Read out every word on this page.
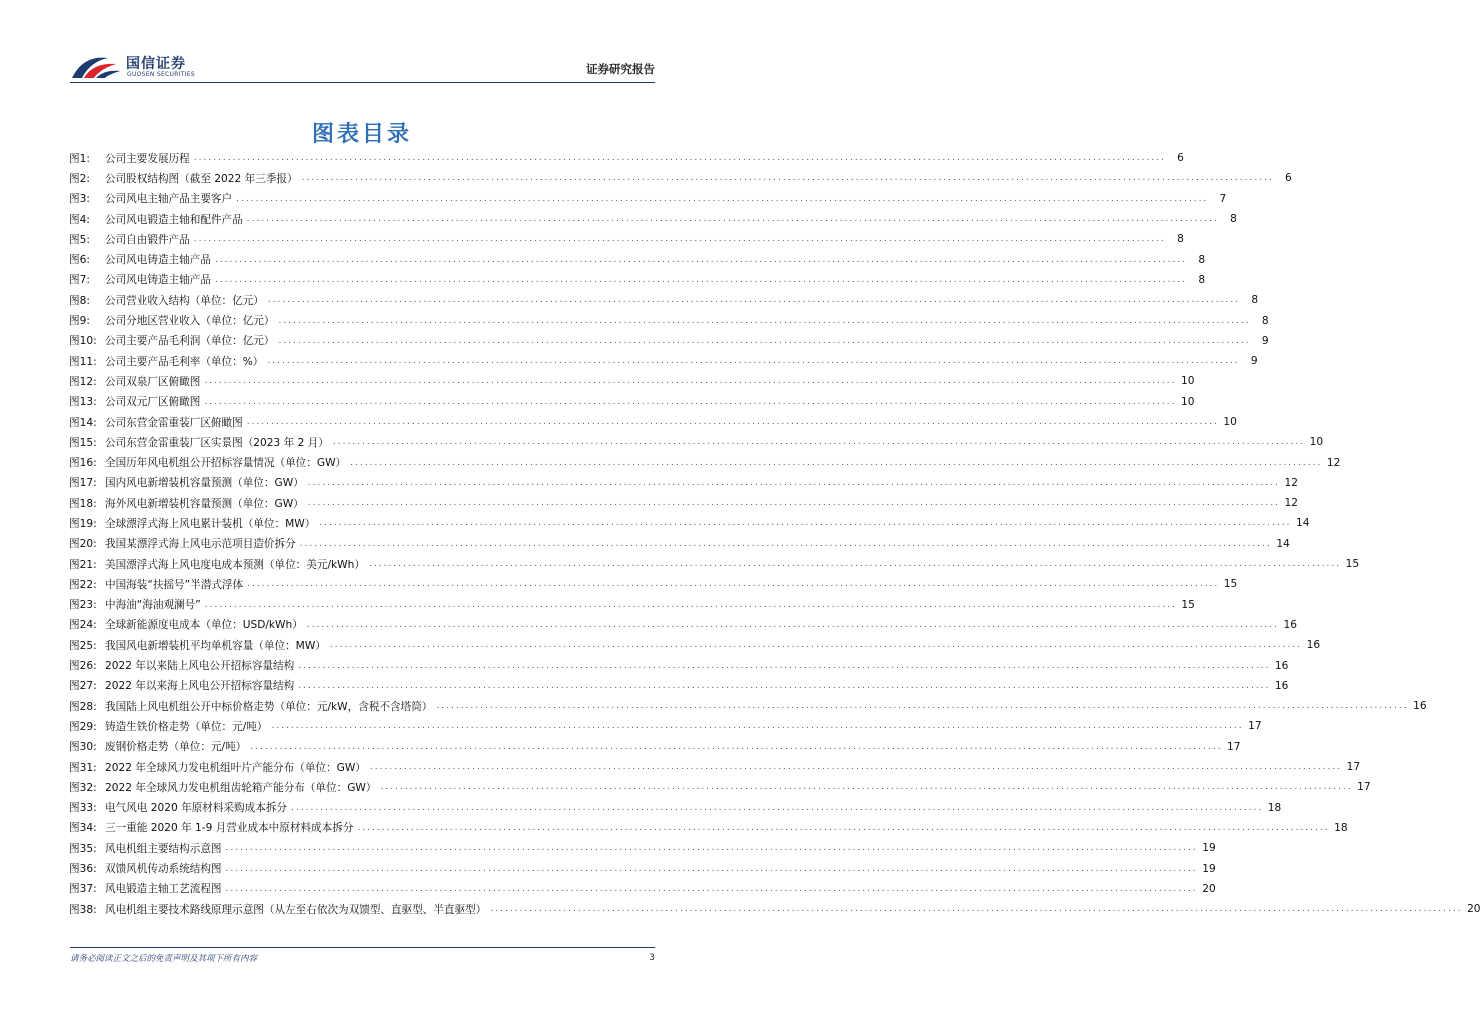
国信证券
GUOSEN SECURITIES	证券研究报告
图表目录
图1:	公司主要发展历程 ........................................................................................................................................................................................................	6
图2:	公司股权结构图（截至 2022 年三季报） ........................................................................................................................................................................................................	6
图3:	公司风电主轴产品主要客户 ........................................................................................................................................................................................................	7
图4:	公司风电锻造主轴和配件产品 ........................................................................................................................................................................................................	8
图5:	公司自由锻件产品 ........................................................................................................................................................................................................	8
图6:	公司风电铸造主轴产品 ........................................................................................................................................................................................................	8
图7:	公司风电铸造主轴产品 ........................................................................................................................................................................................................	8
图8:	公司营业收入结构（单位：亿元） ........................................................................................................................................................................................................	8
图9:	公司分地区营业收入（单位：亿元） ........................................................................................................................................................................................................	8
图10: 公司主要产品毛利润（单位：亿元） ........................................................................................................................................................................................................	9
图11: 公司主要产品毛利率（单位：%） ........................................................................................................................................................................................................	9
图12: 公司双泉厂区俯瞰图 ........................................................................................................................................................................................................ 10
图13: 公司双元厂区俯瞰图 ........................................................................................................................................................................................................ 10
图14: 公司东营金雷重装厂区俯瞰图 ........................................................................................................................................................................................................ 10
图15: 公司东营金雷重装厂区实景图（2023 年 2 月） ........................................................................................................................................................................................................ 10
图16: 全国历年风电机组公开招标容量情况（单位：GW） ........................................................................................................................................................................................................ 12
图17: 国内风电新增装机容量预测（单位：GW） ........................................................................................................................................................................................................ 12
图18: 海外风电新增装机容量预测（单位：GW） ........................................................................................................................................................................................................ 12
图19: 全球漂浮式海上风电累计装机（单位：MW） ........................................................................................................................................................................................................ 14
图20: 我国某漂浮式海上风电示范项目造价拆分 ........................................................................................................................................................................................................ 14
图21: 美国漂浮式海上风电度电成本预测（单位：美元/kWh） ........................................................................................................................................................................................................ 15
图22: 中国海装“扶摇号”半潜式浮体 ........................................................................................................................................................................................................ 15
图23: 中海油“海油观澜号” ........................................................................................................................................................................................................ 15
图24: 全球新能源度电成本（单位：USD/kWh） ........................................................................................................................................................................................................ 16
图25: 我国风电新增装机平均单机容量（单位：MW） ........................................................................................................................................................................................................ 16
图26: 2022 年以来陆上风电公开招标容量结构 ........................................................................................................................................................................................................ 16
图27: 2022 年以来海上风电公开招标容量结构 ........................................................................................................................................................................................................ 16
图28: 我国陆上风电机组公开中标价格走势（单位：元/kW，含税不含塔筒） ........................................................................................................................................................................................................ 16
图29: 铸造生铁价格走势（单位：元/吨） ........................................................................................................................................................................................................ 17
图30: 废钢价格走势（单位：元/吨） ........................................................................................................................................................................................................ 17
图31: 2022 年全球风力发电机组叶片产能分布（单位：GW） ........................................................................................................................................................................................................ 17
图32: 2022 年全球风力发电机组齿轮箱产能分布（单位：GW） ........................................................................................................................................................................................................ 17
图33: 电气风电 2020 年原材料采购成本拆分 ........................................................................................................................................................................................................ 18
图34: 三一重能 2020 年 1-9 月营业成本中原材料成本拆分 ........................................................................................................................................................................................................ 18
图35: 风电机组主要结构示意图 ........................................................................................................................................................................................................ 19
图36: 双馈风机传动系统结构图 ........................................................................................................................................................................................................ 19
图37: 风电锻造主轴工艺流程图 ........................................................................................................................................................................................................ 20
图38: 风电机组主要技术路线原理示意图（从左至右依次为双馈型、直驱型、半直驱型） ........................................................................................................................................................................................................ 20
请务必阅读正文之后的免责声明及其项下所有内容	3
